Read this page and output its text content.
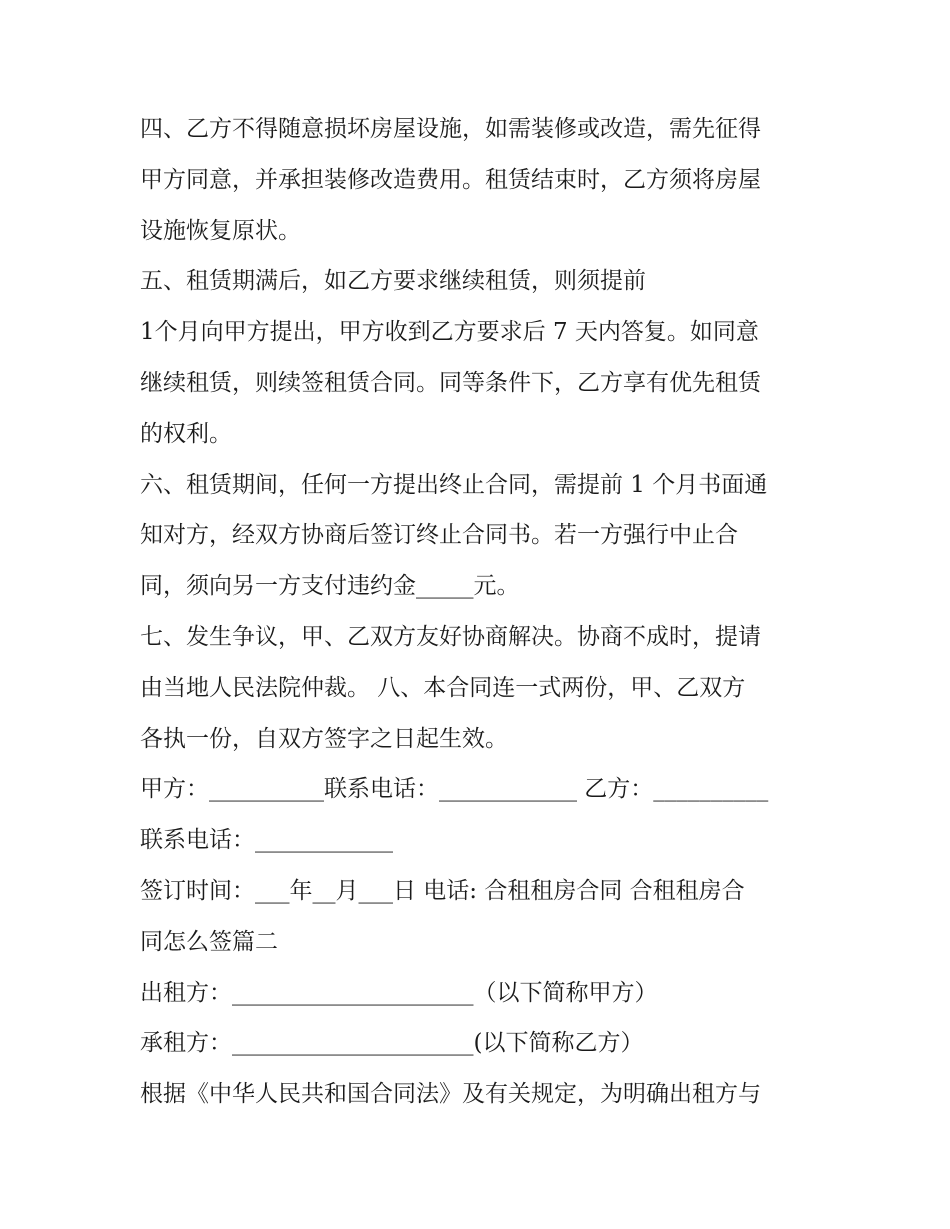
四、乙方不得随意损坏房屋设施，如需装修或改造，需先征得
甲方同意，并承担装修改造费用。租赁结束时，乙方须将房屋
设施恢复原状。
五、租赁期满后，如乙方要求继续租赁，则须提前
1个月向甲方提出，甲方收到乙方要求后 7 天内答复。如同意
继续租赁，则续签租赁合同。同等条件下，乙方享有优先租赁
的权利。
六、租赁期间，任何一方提出终止合同，需提前 1 个月书面通
知对方，经双方协商后签订终止合同书。若一方强行中止合
同，须向另一方支付违约金_____元。
七、发生争议，甲、乙双方友好协商解决。协商不成时，提请
由当地人民法院仲裁。 八、本合同连一式两份，甲、乙双方
各执一份，自双方签字之日起生效。
甲方：__________联系电话：____________ 乙方：__________
联系电话：____________
签订时间：___年__月___日 电话: 合租租房合同 合租租房合
同怎么签篇二
出租方：_____________________（以下简称甲方）
承租方：_____________________(以下简称乙方）
根据《中华人民共和国合同法》及有关规定，为明确出租方与
